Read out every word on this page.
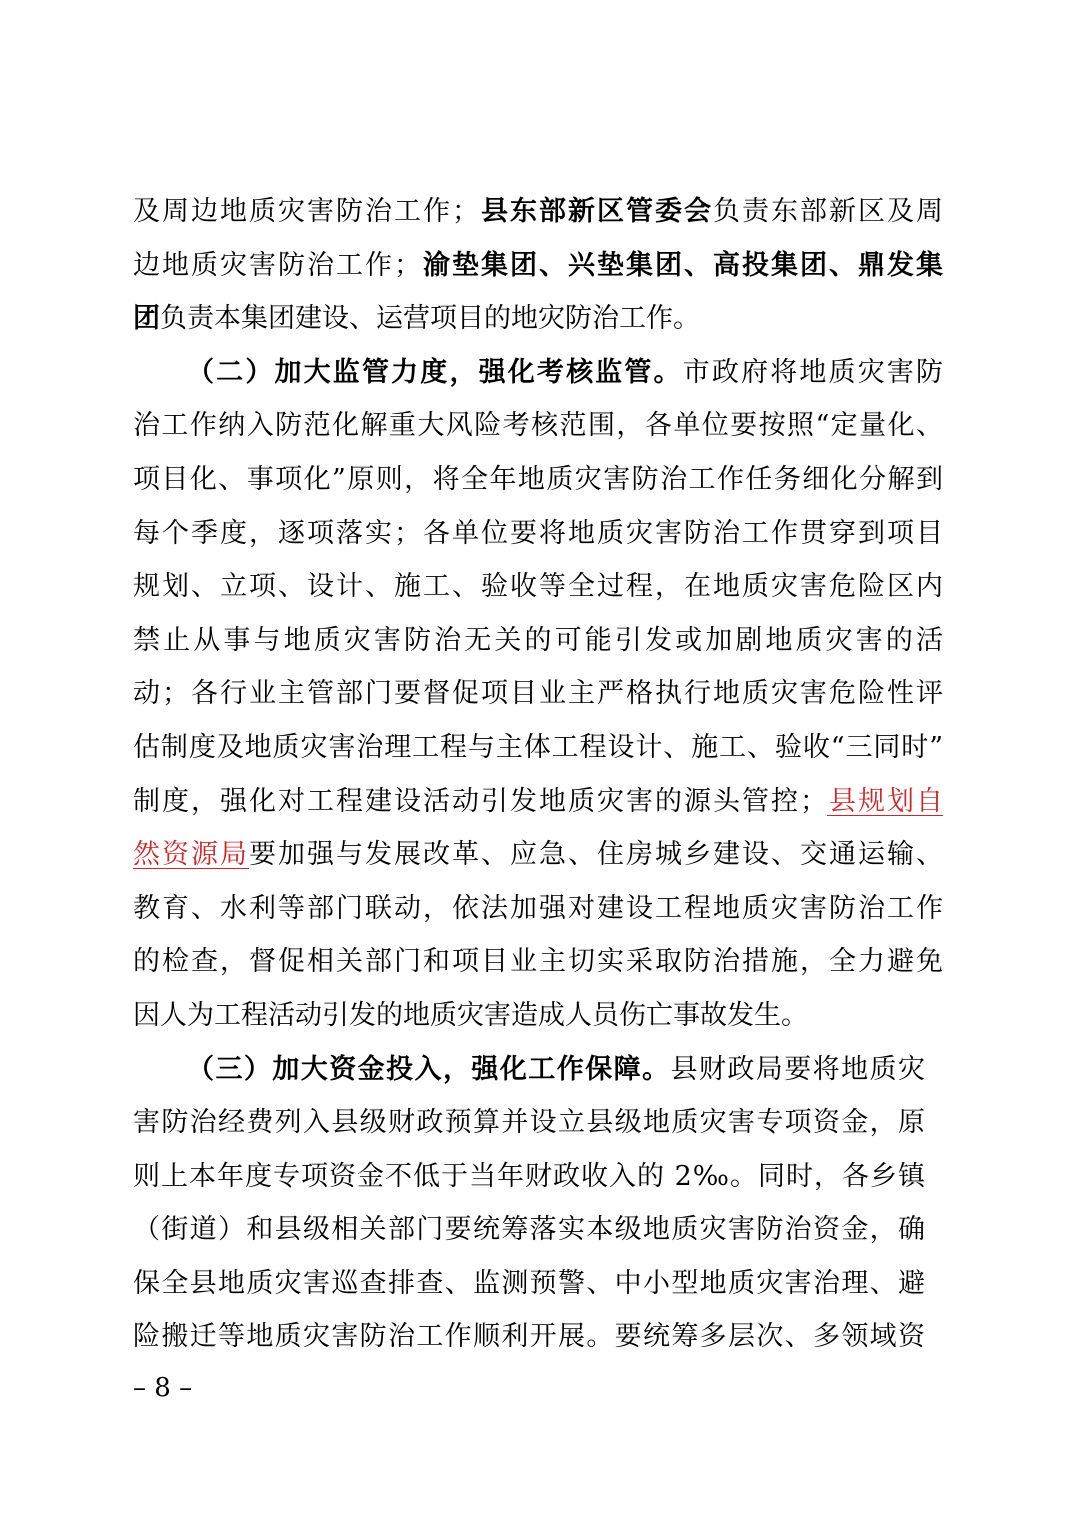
及周边地质灾害防治工作；县东部新区管委会负责东部新区及周
边地质灾害防治工作；渝垫集团、兴垫集团、高投集团、鼎发集
团负责本集团建设、运营项目的地灾防治工作。
（二）加大监管力度，强化考核监管。市政府将地质灾害防
治工作纳入防范化解重大风险考核范围，各单位要按照“定量化、
项目化、事项化”原则，将全年地质灾害防治工作任务细化分解到
每个季度，逐项落实；各单位要将地质灾害防治工作贯穿到项目
规划、立项、设计、施工、验收等全过程，在地质灾害危险区内
禁止从事与地质灾害防治无关的可能引发或加剧地质灾害的活
动；各行业主管部门要督促项目业主严格执行地质灾害危险性评
估制度及地质灾害治理工程与主体工程设计、施工、验收“三同时”
制度，强化对工程建设活动引发地质灾害的源头管控；县规划自
然资源局要加强与发展改革、应急、住房城乡建设、交通运输、
教育、水利等部门联动，依法加强对建设工程地质灾害防治工作
的检查，督促相关部门和项目业主切实采取防治措施，全力避免
因人为工程活动引发的地质灾害造成人员伤亡事故发生。
（三）加大资金投入，强化工作保障。县财政局要将地质灾
害防治经费列入县级财政预算并设立县级地质灾害专项资金，原
则上本年度专项资金不低于当年财政收入的 2‰。同时，各乡镇
（街道）和县级相关部门要统筹落实本级地质灾害防治资金，确
保全县地质灾害巡查排查、监测预警、中小型地质灾害治理、避
险搬迁等地质灾害防治工作顺利开展。要统筹多层次、多领域资
– 8 –
